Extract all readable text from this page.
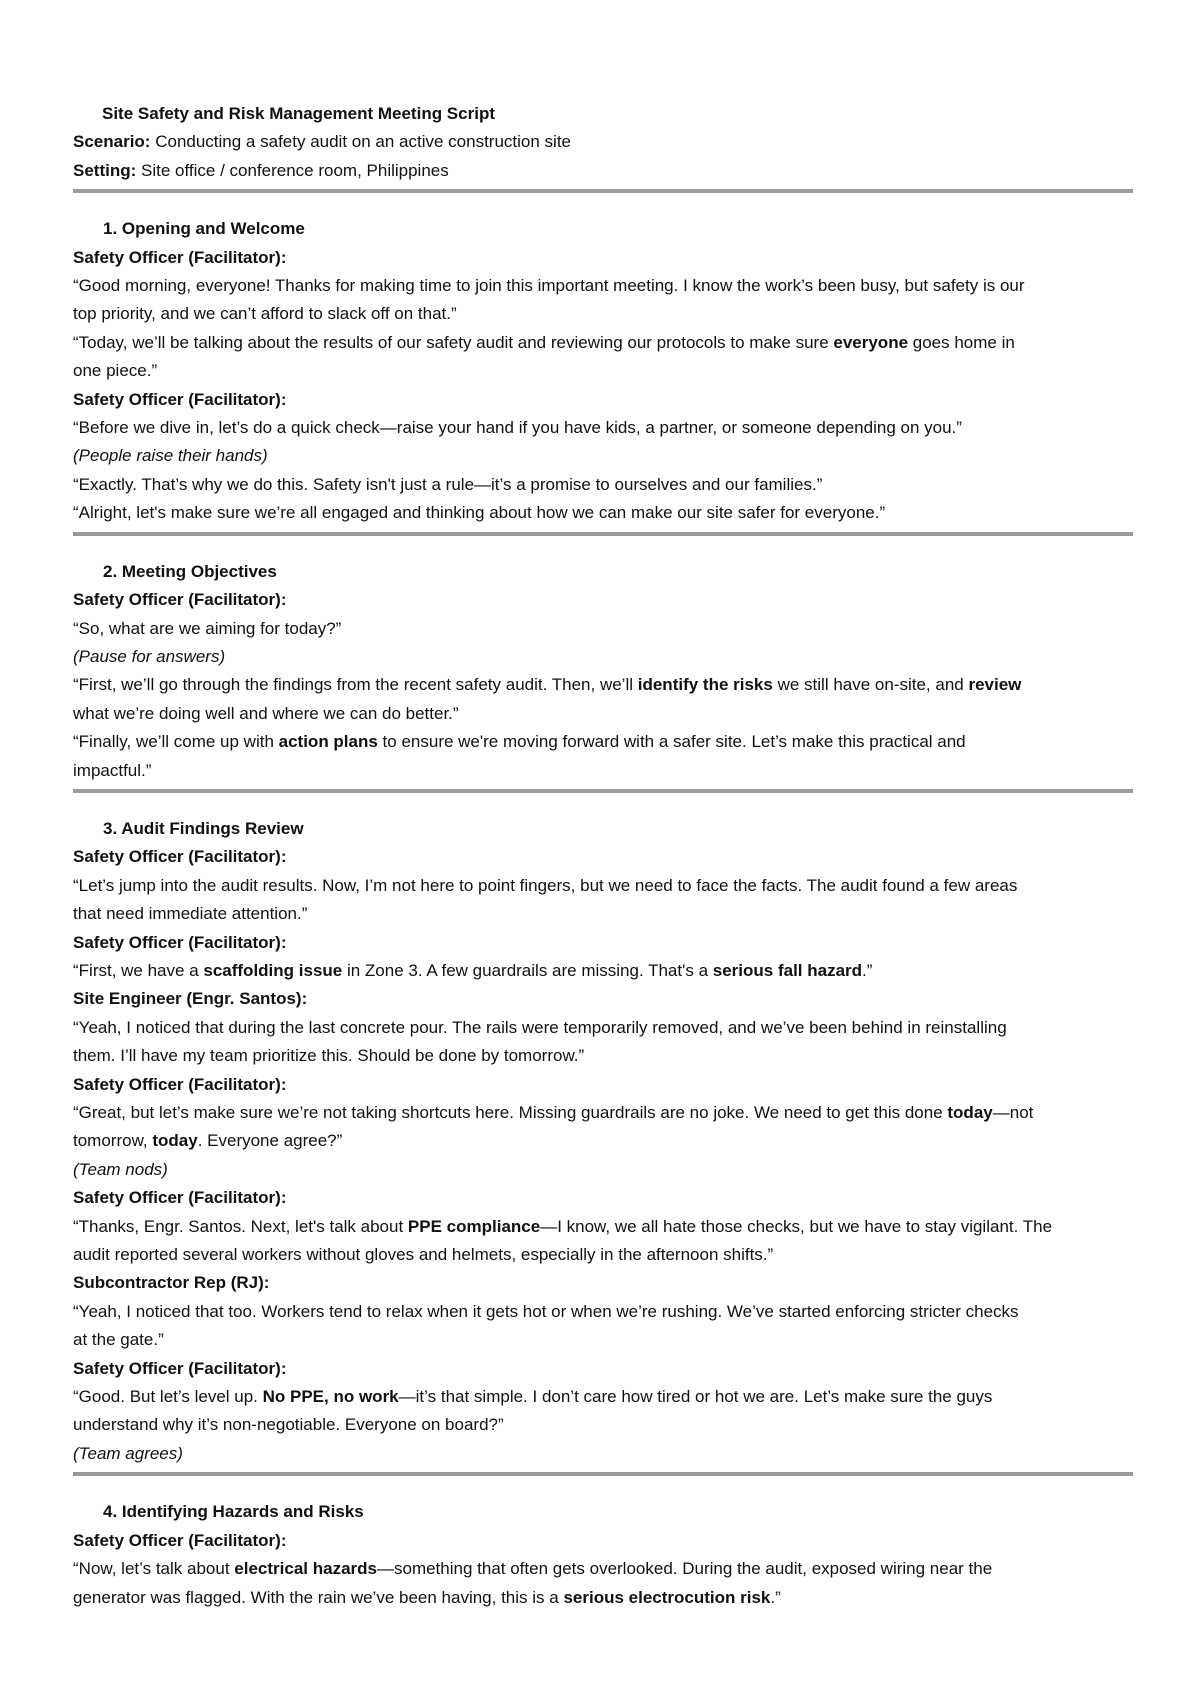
Site Safety and Risk Management Meeting Script
Scenario: Conducting a safety audit on an active construction site
Setting: Site office / conference room, Philippines
1. Opening and Welcome
Safety Officer (Facilitator):
“Good morning, everyone! Thanks for making time to join this important meeting. I know the work’s been busy, but safety is our
top priority, and we can’t afford to slack off on that.”
“Today, we’ll be talking about the results of our safety audit and reviewing our protocols to make sure everyone goes home in
one piece.”
Safety Officer (Facilitator):
“Before we dive in, let’s do a quick check—raise your hand if you have kids, a partner, or someone depending on you.”
(People raise their hands)
“Exactly. That’s why we do this. Safety isn't just a rule—it’s a promise to ourselves and our families.”
“Alright, let's make sure we’re all engaged and thinking about how we can make our site safer for everyone.”
2. Meeting Objectives
Safety Officer (Facilitator):
“So, what are we aiming for today?”
(Pause for answers)
“First, we’ll go through the findings from the recent safety audit. Then, we’ll identify the risks we still have on-site, and review
what we’re doing well and where we can do better.”
“Finally, we’ll come up with action plans to ensure we're moving forward with a safer site. Let’s make this practical and
impactful.”
3. Audit Findings Review
Safety Officer (Facilitator):
“Let’s jump into the audit results. Now, I’m not here to point fingers, but we need to face the facts. The audit found a few areas
that need immediate attention.”
Safety Officer (Facilitator):
“First, we have a scaffolding issue in Zone 3. A few guardrails are missing. That's a serious fall hazard.”
Site Engineer (Engr. Santos):
“Yeah, I noticed that during the last concrete pour. The rails were temporarily removed, and we’ve been behind in reinstalling
them. I’ll have my team prioritize this. Should be done by tomorrow.”
Safety Officer (Facilitator):
“Great, but let’s make sure we’re not taking shortcuts here. Missing guardrails are no joke. We need to get this done today—not
tomorrow, today. Everyone agree?”
(Team nods)
Safety Officer (Facilitator):
“Thanks, Engr. Santos. Next, let's talk about PPE compliance—I know, we all hate those checks, but we have to stay vigilant. The
audit reported several workers without gloves and helmets, especially in the afternoon shifts.”
Subcontractor Rep (RJ):
“Yeah, I noticed that too. Workers tend to relax when it gets hot or when we’re rushing. We’ve started enforcing stricter checks
at the gate.”
Safety Officer (Facilitator):
“Good. But let’s level up. No PPE, no work—it’s that simple. I don’t care how tired or hot we are. Let’s make sure the guys
understand why it’s non-negotiable. Everyone on board?”
(Team agrees)
4. Identifying Hazards and Risks
Safety Officer (Facilitator):
“Now, let’s talk about electrical hazards—something that often gets overlooked. During the audit, exposed wiring near the
generator was flagged. With the rain we’ve been having, this is a serious electrocution risk.”
